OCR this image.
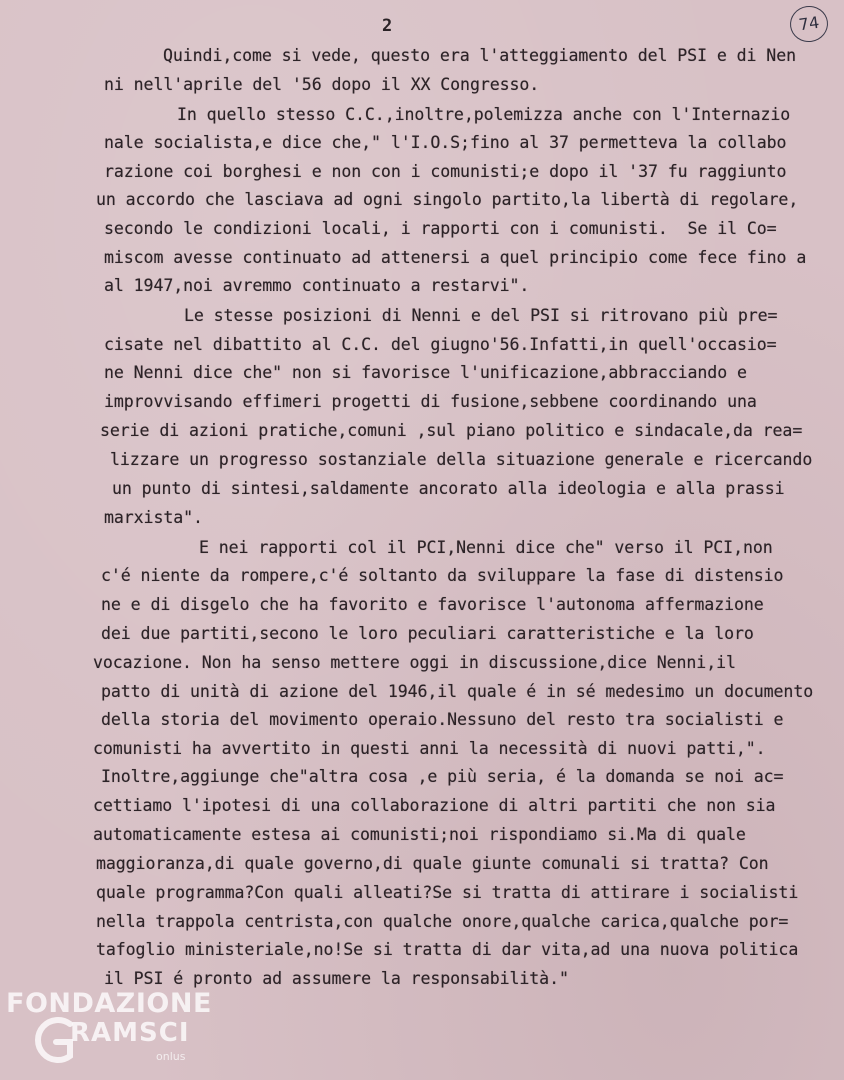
2	74
Quindi,come si vede, questo era l'atteggiamento del PSI e di Nen
ni nell'aprile del '56 dopo il XX Congresso.
In quello stesso C.C.,inoltre,polemizza anche con l'Internazio
nale socialista,e dice che," l'I.O.S;fino al 37 permetteva la collabo
razione coi borghesi e non con i comunisti;e dopo il '37 fu raggiunto
un accordo che lasciava ad ogni singolo partito,la libertà di regolare,
secondo le condizioni locali, i rapporti con i comunisti.  Se il Co=
miscom avesse continuato ad attenersi a quel principio come fece fino a
al 1947,noi avremmo continuato a restarvi".
Le stesse posizioni di Nenni e del PSI si ritrovano più pre=
cisate nel dibattito al C.C. del giugno'56.Infatti,in quell'occasio=
ne Nenni dice che" non si favorisce l'unificazione,abbracciando e
improvvisando effimeri progetti di fusione,sebbene coordinando una
serie di azioni pratiche,comuni ,sul piano politico e sindacale,da rea=
lizzare un progresso sostanziale della situazione generale e ricercando
un punto di sintesi,saldamente ancorato alla ideologia e alla prassi
marxista".
E nei rapporti col il PCI,Nenni dice che" verso il PCI,non
c'é niente da rompere,c'é soltanto da sviluppare la fase di distensio
ne e di disgelo che ha favorito e favorisce l'autonoma affermazione
dei due partiti,secono le loro peculiari caratteristiche e la loro
vocazione. Non ha senso mettere oggi in discussione,dice Nenni,il
patto di unità di azione del 1946,il quale é in sé medesimo un documento
della storia del movimento operaio.Nessuno del resto tra socialisti e
comunisti ha avvertito in questi anni la necessità di nuovi patti,".
Inoltre,aggiunge che"altra cosa ,e più seria, é la domanda se noi ac=
cettiamo l'ipotesi di una collaborazione di altri partiti che non sia
automaticamente estesa ai comunisti;noi rispondiamo si.Ma di quale
maggioranza,di quale governo,di quale giunte comunali si tratta? Con
quale programma?Con quali alleati?Se si tratta di attirare i socialisti
nella trappola centrista,con qualche onore,qualche carica,qualche por=
tafoglio ministeriale,no!Se si tratta di dar vita,ad una nuova politica
il PSI é pronto ad assumere la responsabilità."
FONDAZIONE
RAMSCI
onlus
